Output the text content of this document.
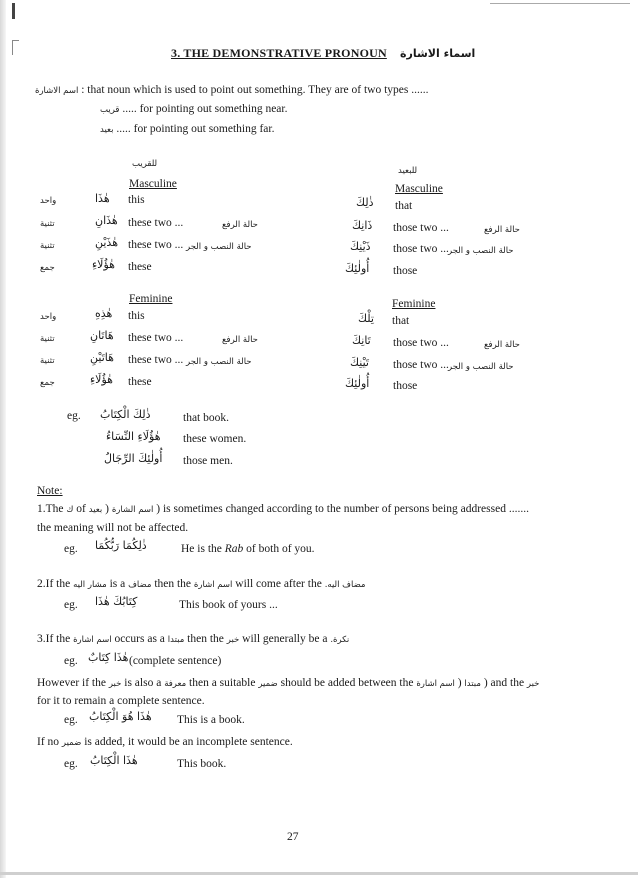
3. THE DEMONSTRATIVE PRONOUN اسماء الاشارة
اسم الاشارة : that noun which is used to point out something. They are of two types ......
قريب ..... for pointing out something near.
بعيد ..... for pointing out something far.
للقريب
للبعيد
Masculine
واحد	هٰذَا this
تثنية	هٰذَانِ these two ...	حالة الرفع
تثنية	هٰذَيْنِ these two ... حالة النصب و الجر
جمع	هٰؤُلَاءِ these
Feminine
واحد	هٰذِهِ this
تثنية	هَاتَانِ these two ...	حالة الرفع
تثنية	هَاتَيْنِ these two ... حالة النصب و الجر
جمع	هٰؤُلَاءِ these
Masculine
ذٰلِكَ that
ذَانِكَ those two ...	حالة الرفع
ذَيْنِكَ those two ... حالة النصب و الجر
أُولٰئِكَ those
Feminine
تِلْكَ that
تَانِكَ those two ...	حالة الرفع
تَيْنِكَ those two ... حالة النصب و الجر
أُولٰئِكَ those
eg. ذٰلِكَ الْكِتَابُ	that book.
هٰؤُلَاءِ النِّسَاءُ these women.
أُولٰئِكَ الرِّجَالُ those men.
Note:
1.The ك of	اسم الشارة ( بعيد	) is sometimes changed according to the number of persons being addressed .......
the meaning will not be affected.
eg. ذٰلِكُمَا رَبُّكُمَا	He is the Rab of both of you.
2.If the مشار اليه is a مضاف then the اسم اشارة will come after the مضاف اليه.
eg. كِتَابُكَ هٰذَا	This book of yours ...
3.If the اسم اشارة occurs as a مبتدا then the خبر will generally be a نكرة.
eg. هٰذَا كِتَابٌ (complete sentence)
However if the خبر is also a معرفة then a suitable ضمير should be added between the	مبتدا ( اسم اشارة	) and the خبر
for it to remain a complete sentence.
eg. هٰذَا هُوَ الْكِتَابُ This is a book.
If no ضمير is added, it would be an incomplete sentence.
eg. هٰذَا الْكِتَابُ	This book.
27
